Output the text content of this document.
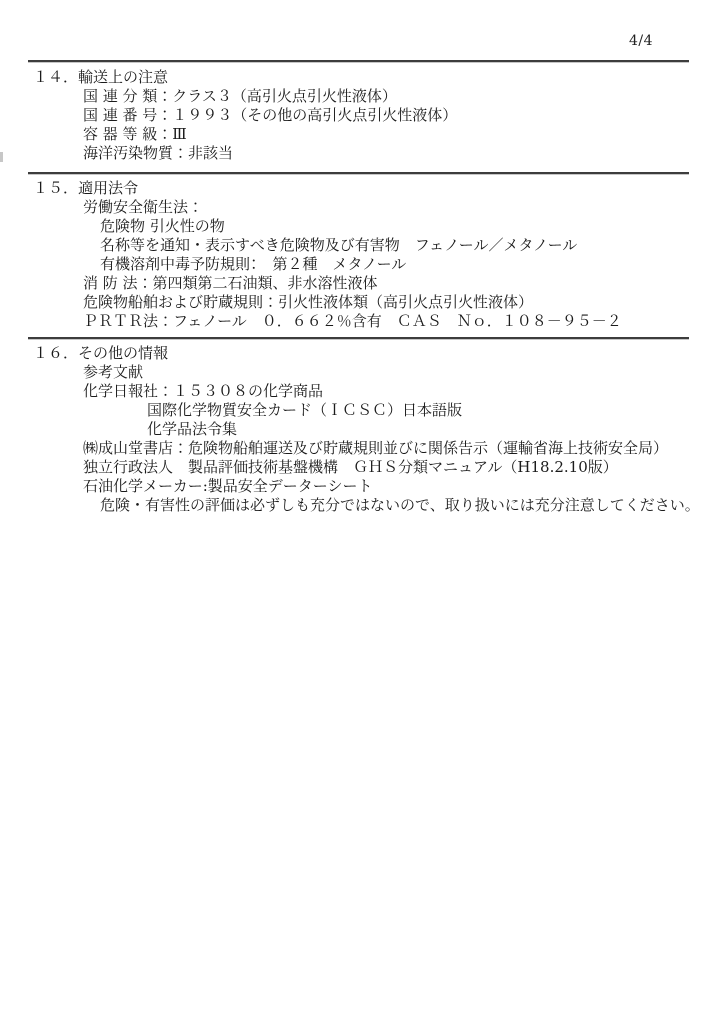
4/4
１４．輸送上の注意
国 連 分 類：クラス３（高引火点引火性液体）
国 連 番 号：１９９３（その他の高引火点引火性液体）
容 器 等 級：Ⅲ
海洋汚染物質：非該当
１５．適用法令
労働安全衛生法：
危険物 引火性の物
名称等を通知・表示すべき危険物及び有害物　フェノール／メタノール
有機溶剤中毒予防規則：　第２種　メタノール
消 防 法：第四類第二石油類、非水溶性液体
危険物船舶および貯蔵規則：引火性液体類（高引火点引火性液体）
ＰＲＴＲ法：フェノール　０．６６２％含有　ＣＡＳ　Ｎｏ．１０８－９５－２
１６．その他の情報
参考文献
化学日報社：１５３０８の化学商品
国際化学物質安全カード（ＩＣＳＣ）日本語版
化学品法令集
㈱成山堂書店：危険物船舶運送及び貯蔵規則並びに関係告示（運輸省海上技術安全局）
独立行政法人　製品評価技術基盤機構　ＧＨＳ分類マニュアル（H18.2.10版）
石油化学メーカー:製品安全データーシート
危険・有害性の評価は必ずしも充分ではないので、取り扱いには充分注意してください。
